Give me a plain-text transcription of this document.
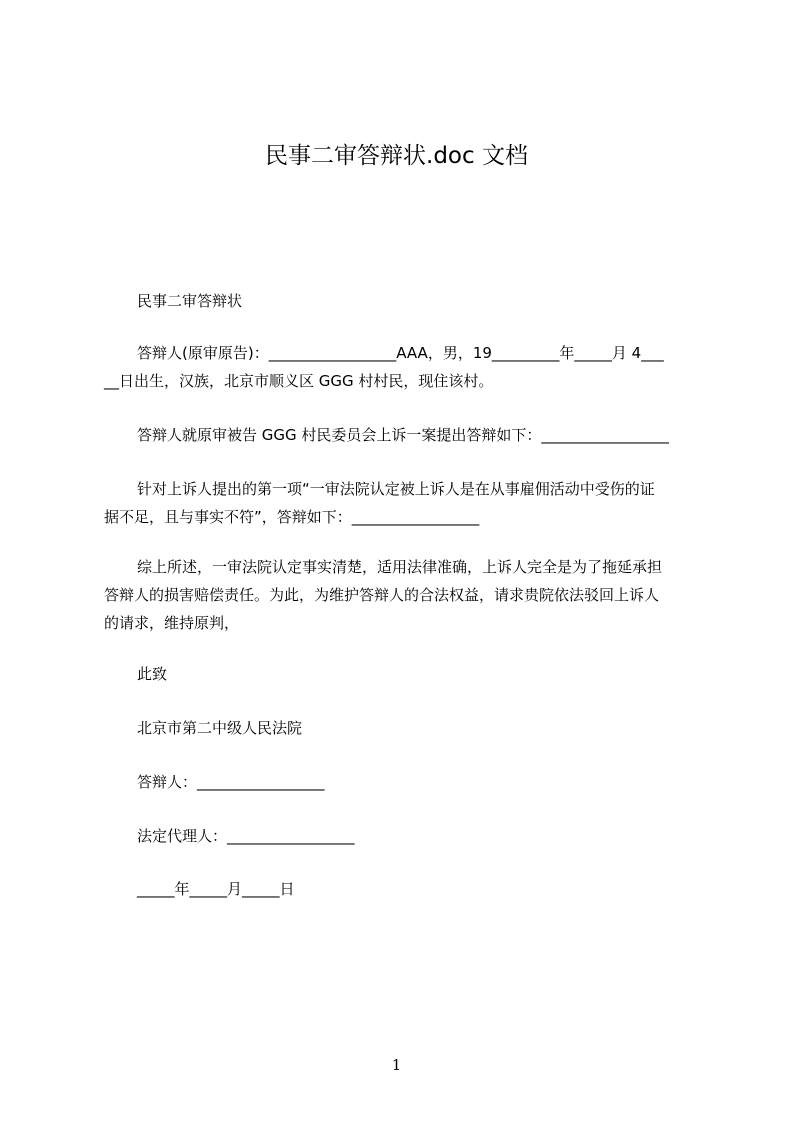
民事二审答辩状.doc 文档
民事二审答辩状
答辩人(原审原告)：_________________AAA，男，19_________年_____月 4___
__日出生，汉族，北京市顺义区 GGG 村村民，现住该村。
答辩人就原审被告 GGG 村民委员会上诉一案提出答辩如下：_________________
针对上诉人提出的第一项“一审法院认定被上诉人是在从事雇佣活动中受伤的证
据不足，且与事实不符”，答辩如下：_________________
综上所述，一审法院认定事实清楚，适用法律准确，上诉人完全是为了拖延承担
答辩人的损害赔偿责任。为此，为维护答辩人的合法权益，请求贵院依法驳回上诉人
的请求，维持原判，
此致
北京市第二中级人民法院
答辩人：_________________
法定代理人：_________________
_____年_____月_____日
1
